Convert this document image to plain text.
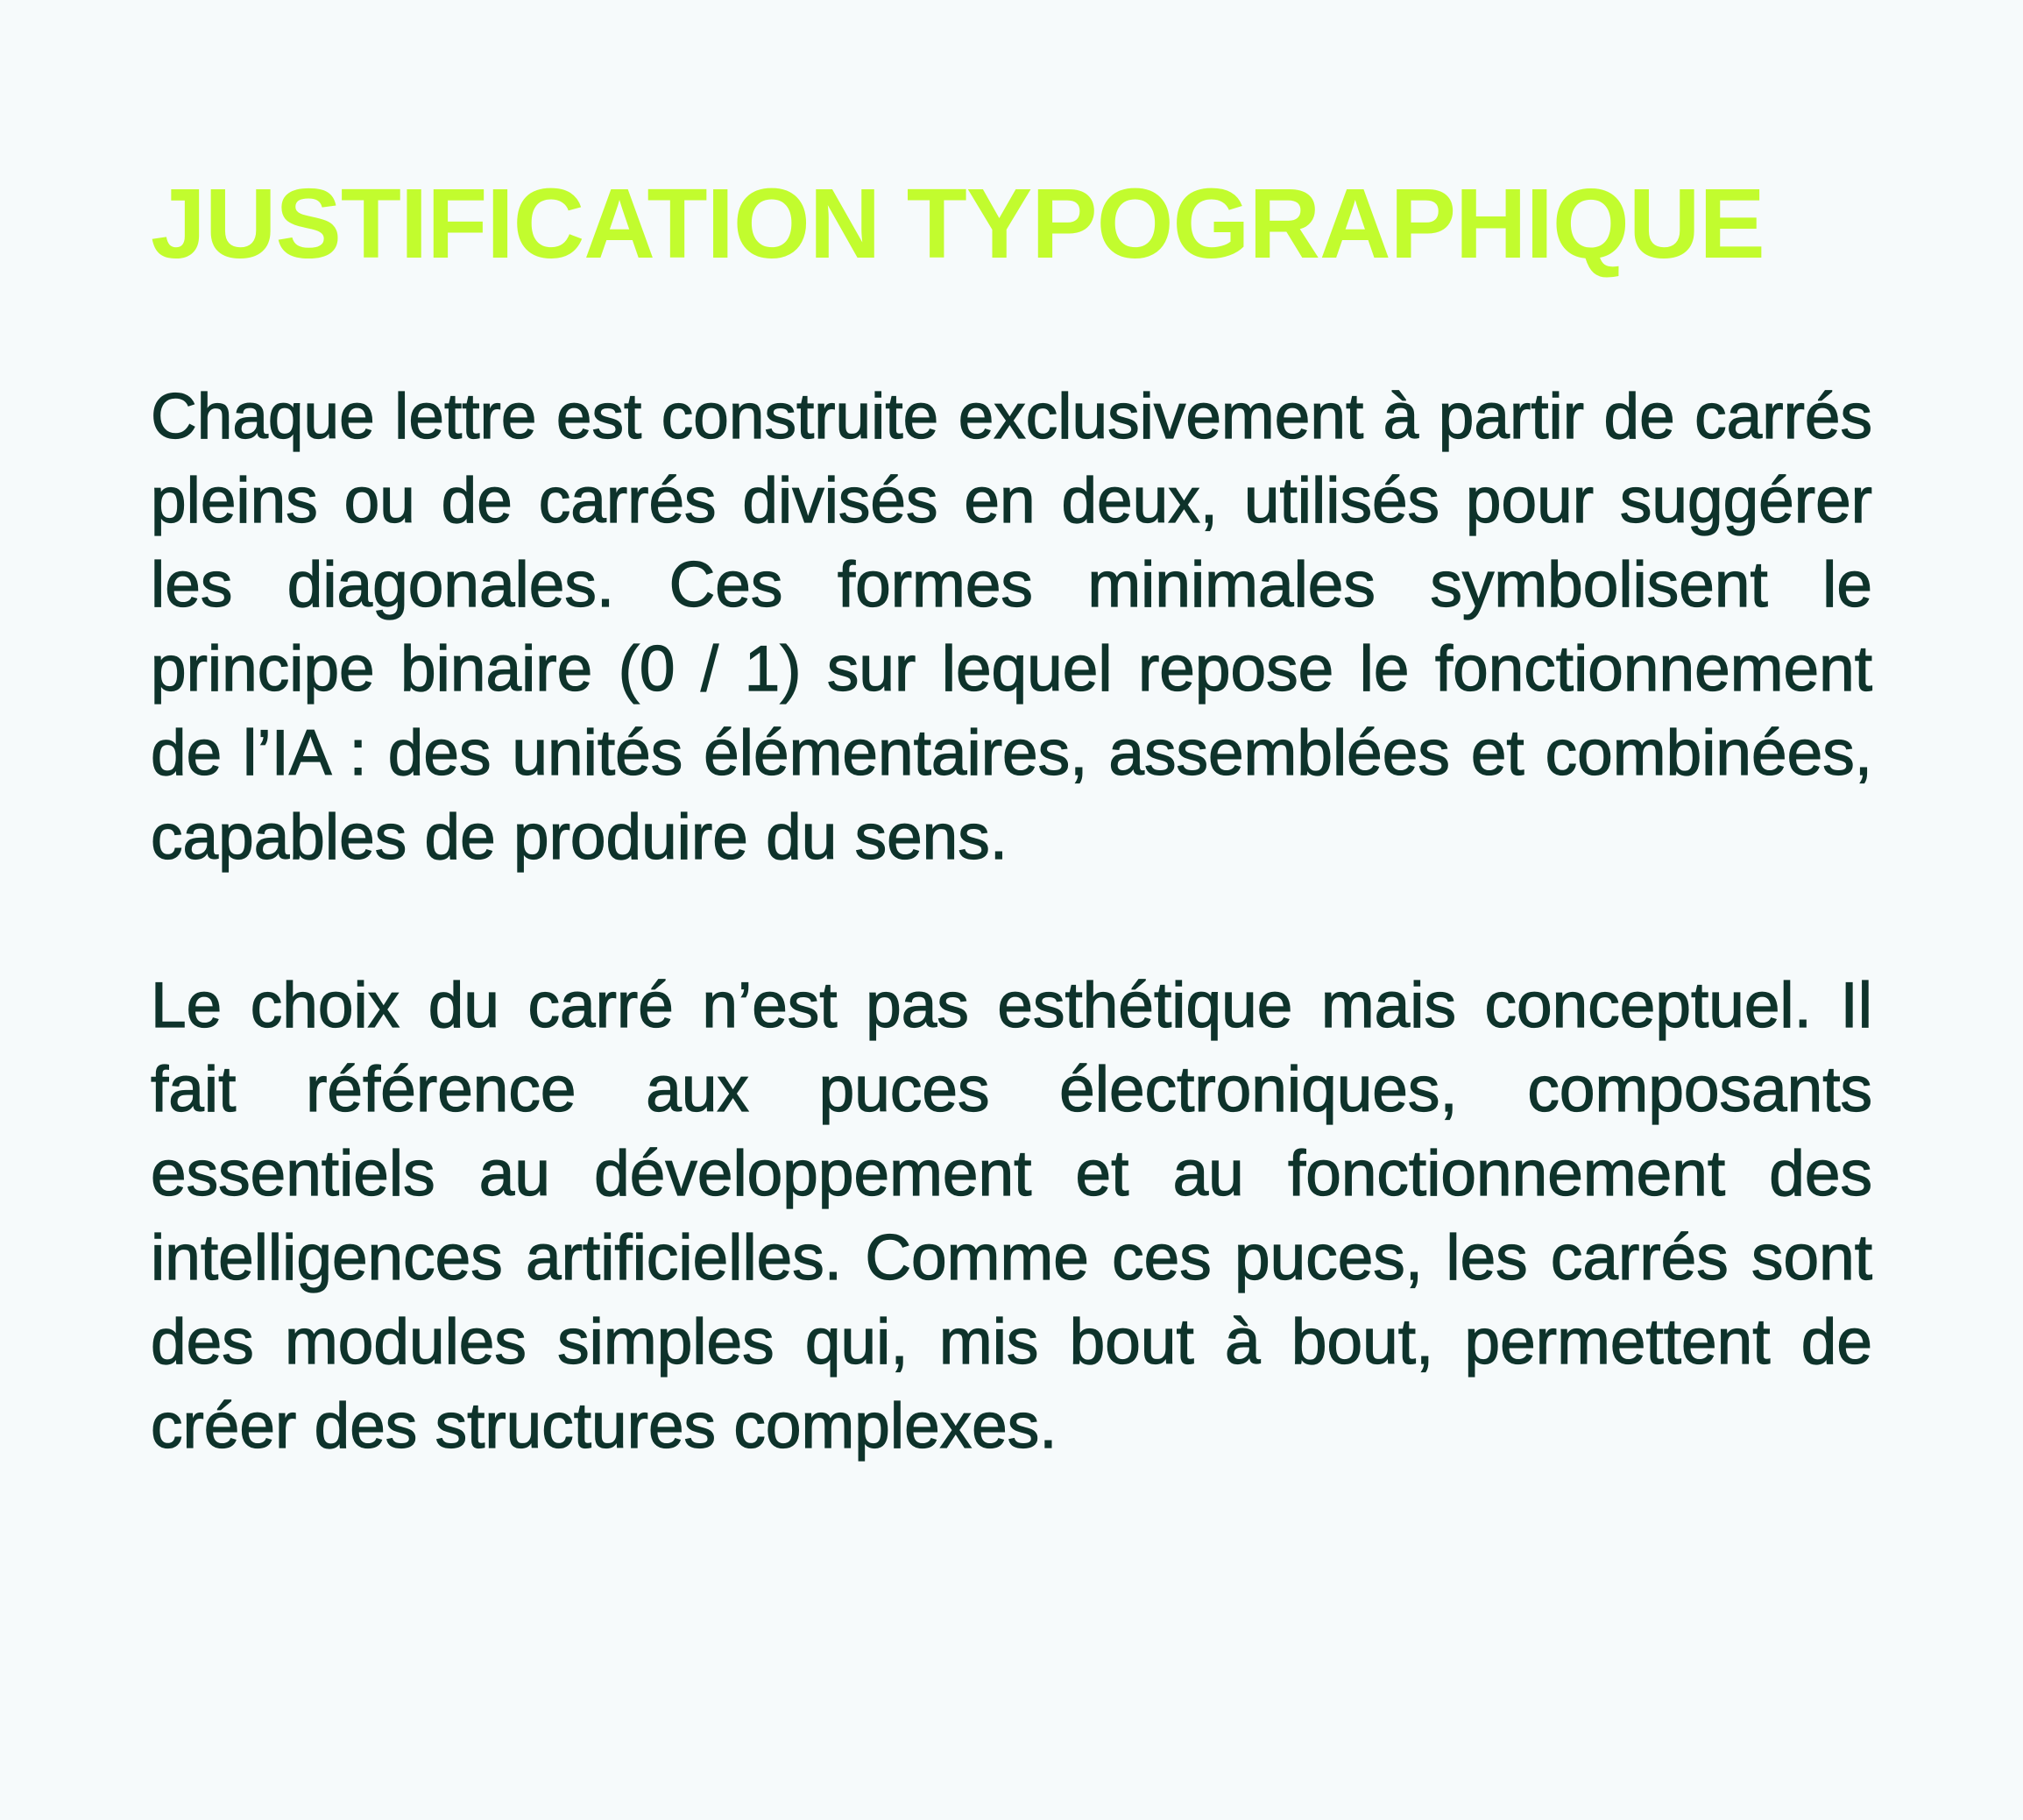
JUSTIFICATION TYPOGRAPHIQUE

Chaque lettre est construite exclusivement à partir de carrés pleins ou de carrés divisés en deux, utilisés pour suggérer les diagonales. Ces formes minimales symbolisent le principe binaire (0 / 1) sur lequel repose le fonctionnement de l’IA : des unités élémentaires, assemblées et combinées, capables de produire du sens.

Le choix du carré n’est pas esthétique mais conceptuel. Il fait référence aux puces électroniques, composants essentiels au développement et au fonctionnement des intelligences artificielles. Comme ces puces, les carrés sont des modules simples qui, mis bout à bout, permettent de créer des structures complexes.
